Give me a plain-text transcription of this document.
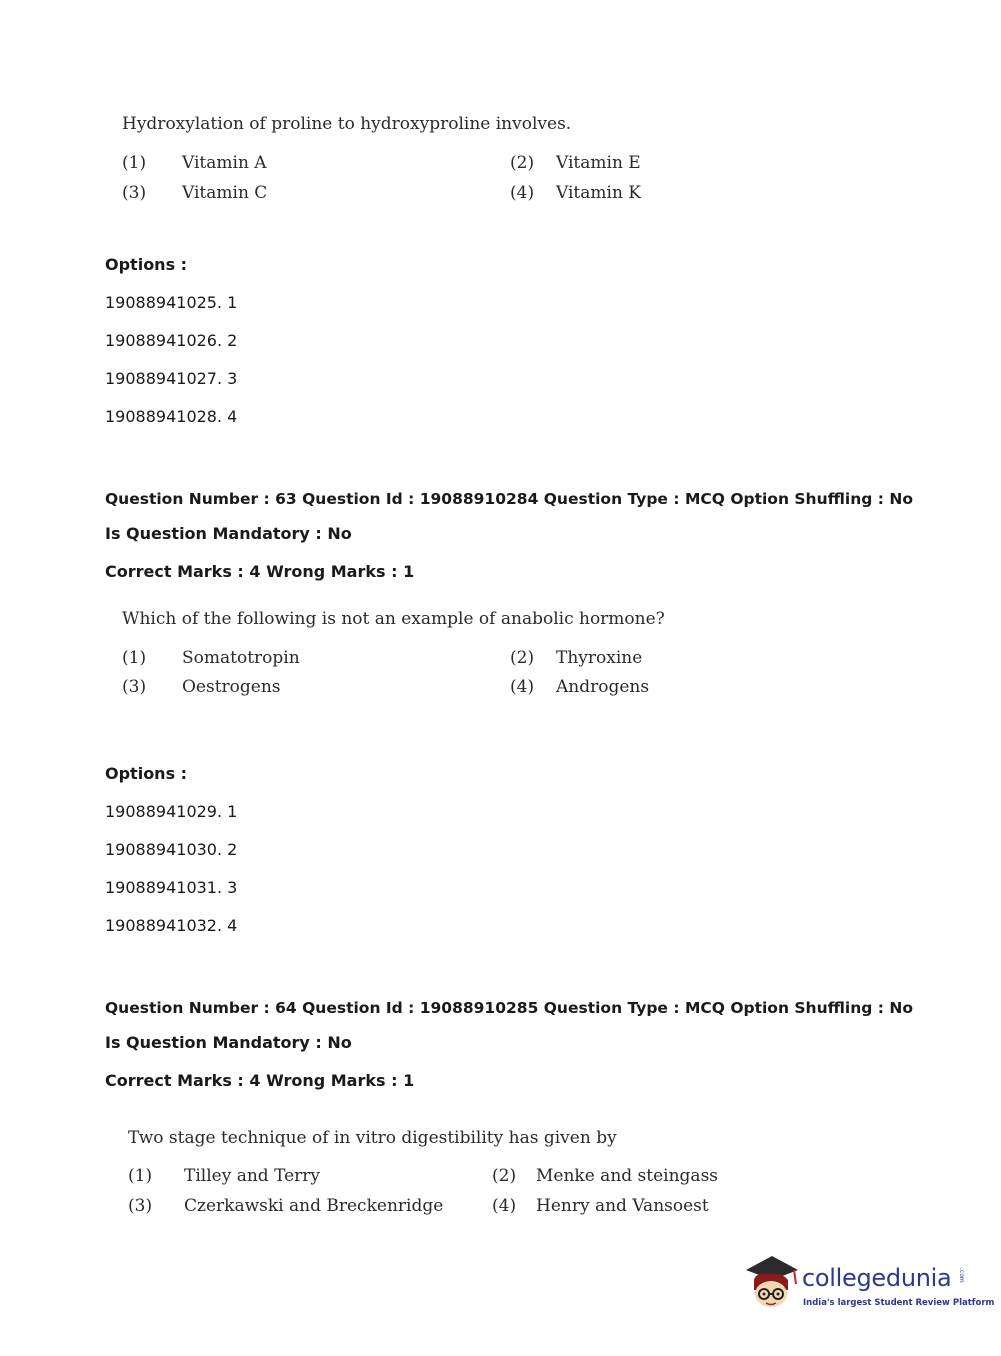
Hydroxylation of proline to hydroxyproline involves.
(1) Vitamin A	(2) Vitamin E
(3) Vitamin C	(4) Vitamin K
Options :
19088941025. 1
19088941026. 2
19088941027. 3
19088941028. 4
Question Number : 63 Question Id : 19088910284 Question Type : MCQ Option Shuffling : No
Is Question Mandatory : No
Correct Marks : 4 Wrong Marks : 1
Which of the following is not an example of anabolic hormone?
(1) Somatotropin	(2) Thyroxine
(3) Oestrogens	(4) Androgens
Options :
19088941029. 1
19088941030. 2
19088941031. 3
19088941032. 4
Question Number : 64 Question Id : 19088910285 Question Type : MCQ Option Shuffling : No
Is Question Mandatory : No
Correct Marks : 4 Wrong Marks : 1
Two stage technique of in vitro digestibility has given by
(1) Tilley and Terry	(2) Menke and steingass
(3) Czerkawski and Breckenridge	(4) Henry and Vansoest
collegedunia .com
India's largest Student Review Platform
